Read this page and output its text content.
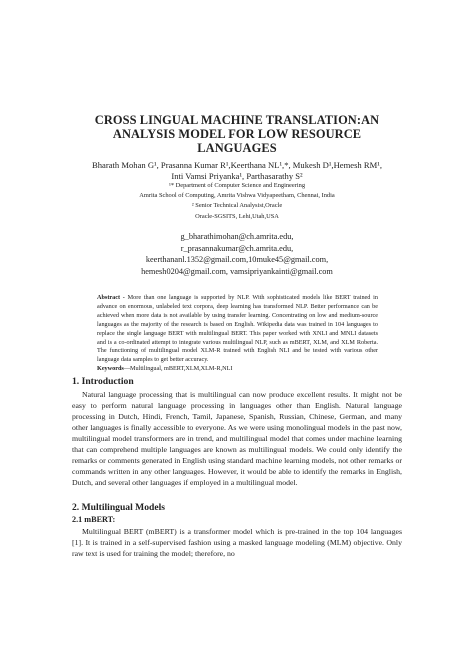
CROSS LINGUAL MACHINE TRANSLATION:AN
ANALYSIS MODEL FOR LOW RESOURCE
LANGUAGES
Bharath Mohan G¹, Prasanna Kumar R¹,Keerthana NL¹,*, Mukesh D¹,Hemesh RM¹,
Inti Vamsi Priyanka¹, Parthasarathy S²
¹* Department of Computer Science and Engineering
Amrita School of Computing, Amrita Vishwa Vidyapeetham, Chennai, India
² Senior Technical Analysist,Oracle
Oracle-SGSITS, Lehi,Utah,USA
g_bharathimohan@ch.amrita.edu,
r_prasannakumar@ch.amrita.edu,
keerthananl.1352@gmail.com,10muke45@gmail.com,
hemesh0204@gmail.com, vamsipriyankainti@gmail.com

Abstract - More than one language is supported by NLP. With sophisticated models like BERT trained in advance on enormous, unlabeled text corpora, deep learning has transformed NLP. Better performance can be achieved when more data is not available by using transfer learning. Concentrating on low and medium-source languages as the majority of the research is based on English. Wikipedia data was trained in 104 languages to replace the single language BERT with multilingual BERT. This paper worked with XNLI and MNLI datasets and is a co-ordinated attempt to integrate various multilingual NLP, such as mBERT, XLM, and XLM Roberta. The functioning of multilingual model XLM-R trained with English NLI and be tested with various other language data samples to get better accuracy.

Keywords—Multilingual, mBERT,XLM,XLM-R,NLI

1. Introduction

Natural language processing that is multilingual can now produce excellent results. It might not be easy to perform natural language processing in languages other than English. Natural language processing in Dutch, Hindi, French, Tamil, Japanese, Spanish, Russian, Chinese, German, and many other languages is finally accessible to everyone. As we were using monolingual models in the past now, multilingual model transformers are in trend, and multilingual model that comes under machine learning that can comprehend multiple languages are known as multilingual models. We could only identify the remarks or comments generated in English using standard machine learning models, not other remarks or commands written in any other languages. However, it would be able to identify the remarks in English, Dutch, and several other languages if employed in a multilingual model.

2. Multilingual Models
2.1 mBERT:

Multilingual BERT (mBERT) is a transformer model which is pre-trained in the top 104 languages [1]. It is trained in a self-supervised fashion using a masked language modeling (MLM) objective. Only raw text is used for training the model; therefore, no
